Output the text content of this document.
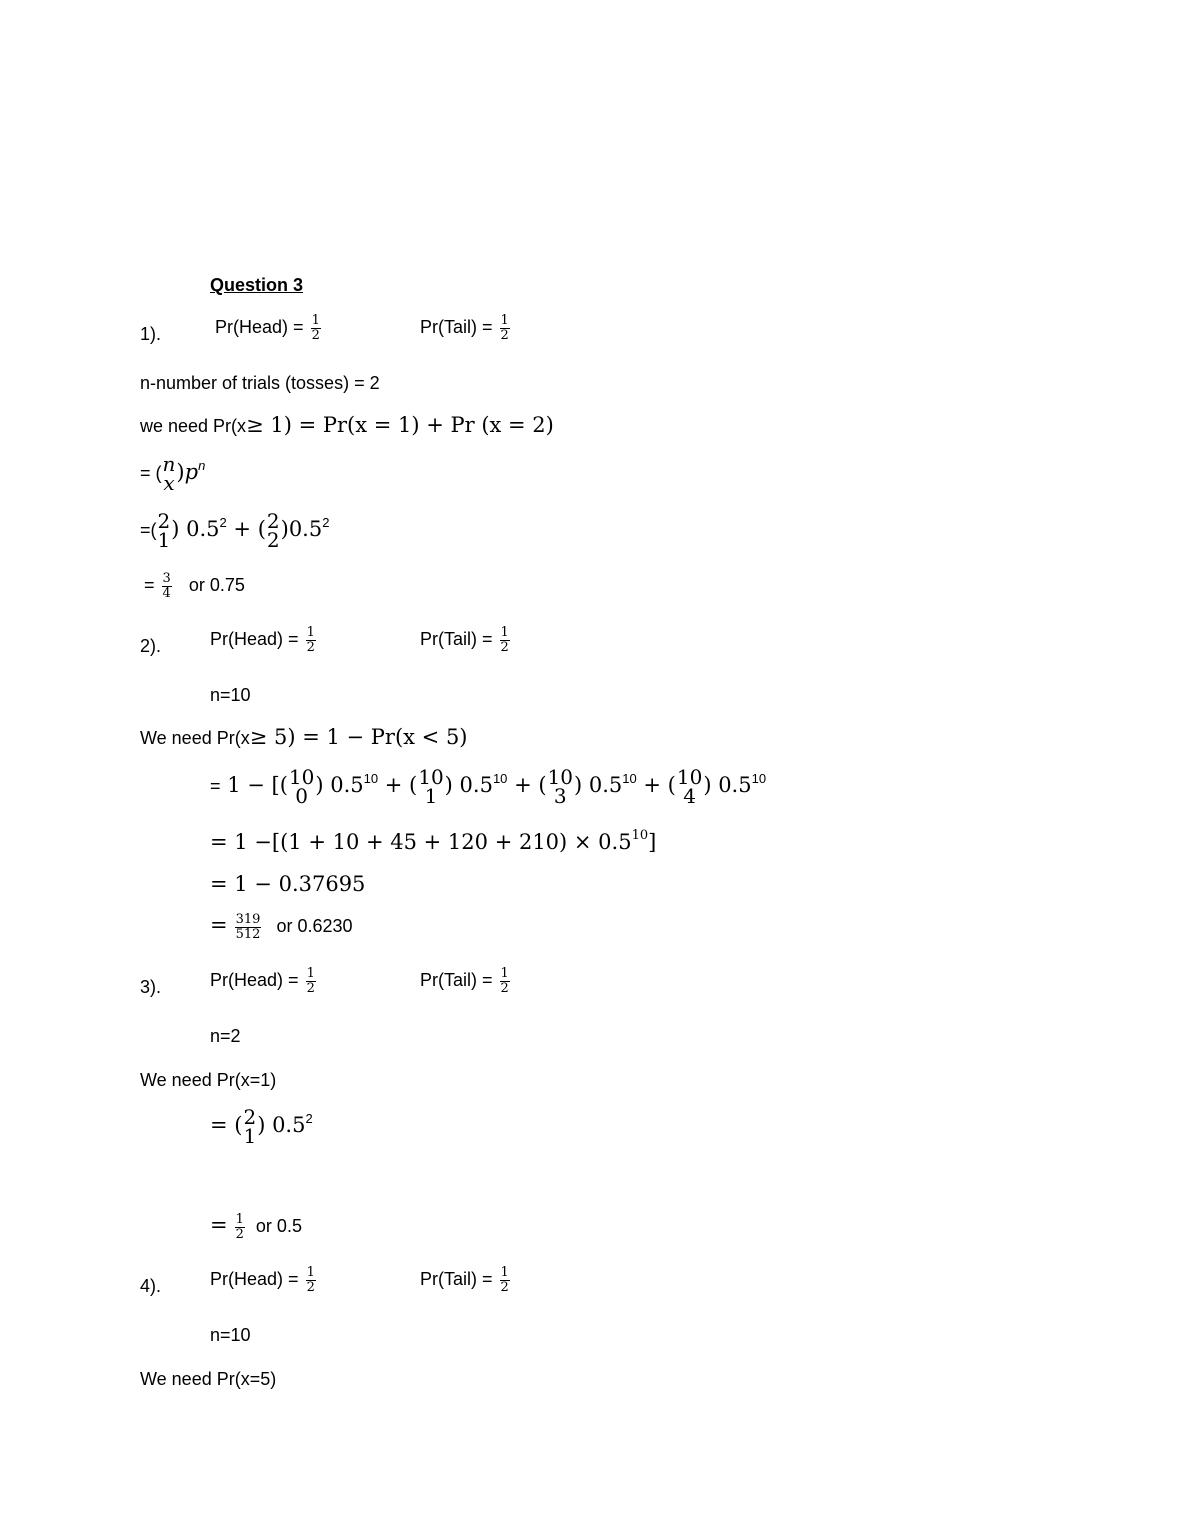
Question 3
1).	Pr(Head) = $\frac{1}{2}$	Pr(Tail) = $\frac{1}{2}$
n-number of trials (tosses) = 2
we need Pr(x≥ 1) = Pr(x = 1) + Pr (x = 2)
= ( n
x )$p^n$
=( 2
1 ) $0.5^2$ + ( 2
2 )$0.5^2$
= $\frac{3}{4}$ or 0.75
2).	Pr(Head) = $\frac{1}{2}$	Pr(Tail) = $\frac{1}{2}$
n=10
We need Pr(x≥ 5) = 1 − Pr(x < 5)
= 1 − [( 10
0 ) $0.5^{10}$ + ( 10
1 ) $0.5^{10}$ + ( 10
3 ) $0.5^{10}$ + ( 10
4 ) $0.5^{10}$
= $1 -[(1 + 10 + 45 + 120 + 210) \times 0.5^{10}]$
= 1 − 0.37695
= $\frac{319}{512}$ or 0.6230
3).	Pr(Head) = $\frac{1}{2}$	Pr(Tail) = $\frac{1}{2}$
n=2
We need Pr(x=1)
= ( 2
1 ) $0.5^2$
= $\frac{1}{2}$ or 0.5
4).	Pr(Head) = $\frac{1}{2}$	Pr(Tail) = $\frac{1}{2}$
n=10
We need Pr(x=5)
